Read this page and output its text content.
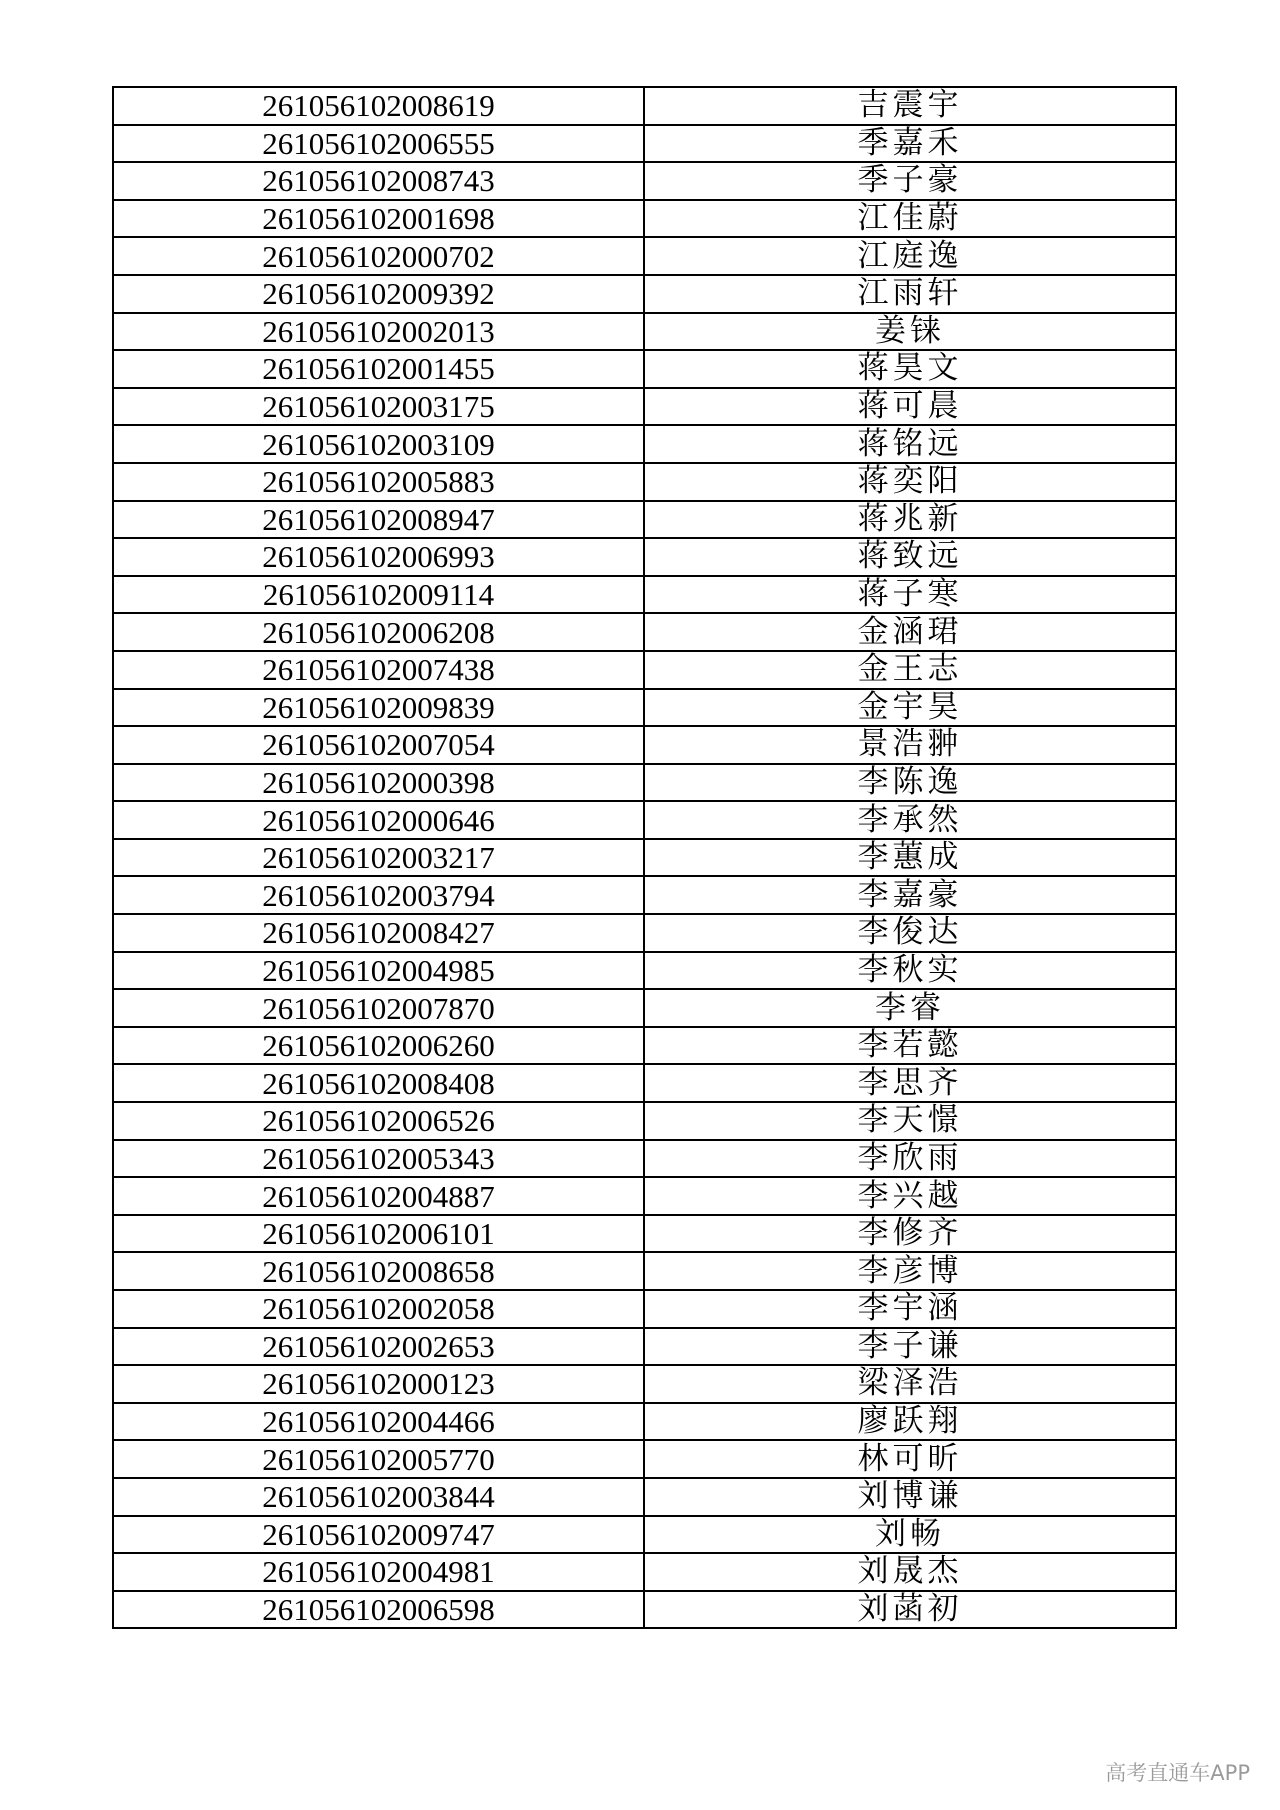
261056102008619	吉震宇
261056102006555	季嘉禾
261056102008743	季子豪
261056102001698	江佳蔚
261056102000702	江庭逸
261056102009392	江雨轩
261056102002013	姜铼
261056102001455	蒋昊文
261056102003175	蒋可晨
261056102003109	蒋铭远
261056102005883	蒋奕阳
261056102008947	蒋兆新
261056102006993	蒋致远
261056102009114	蒋子寒
261056102006208	金涵珺
261056102007438	金王志
261056102009839	金宇昊
261056102007054	景浩翀
261056102000398	李陈逸
261056102000646	李承然
261056102003217	李蕙成
261056102003794	李嘉豪
261056102008427	李俊达
261056102004985	李秋实
261056102007870	李睿
261056102006260	李若懿
261056102008408	李思齐
261056102006526	李天憬
261056102005343	李欣雨
261056102004887	李兴越
261056102006101	李修齐
261056102008658	李彦博
261056102002058	李宇涵
261056102002653	李子谦
261056102000123	梁泽浩
261056102004466	廖跃翔
261056102005770	林可昕
261056102003844	刘博谦
261056102009747	刘畅
261056102004981	刘晟杰
261056102006598	刘菡初
高考直通车APP
